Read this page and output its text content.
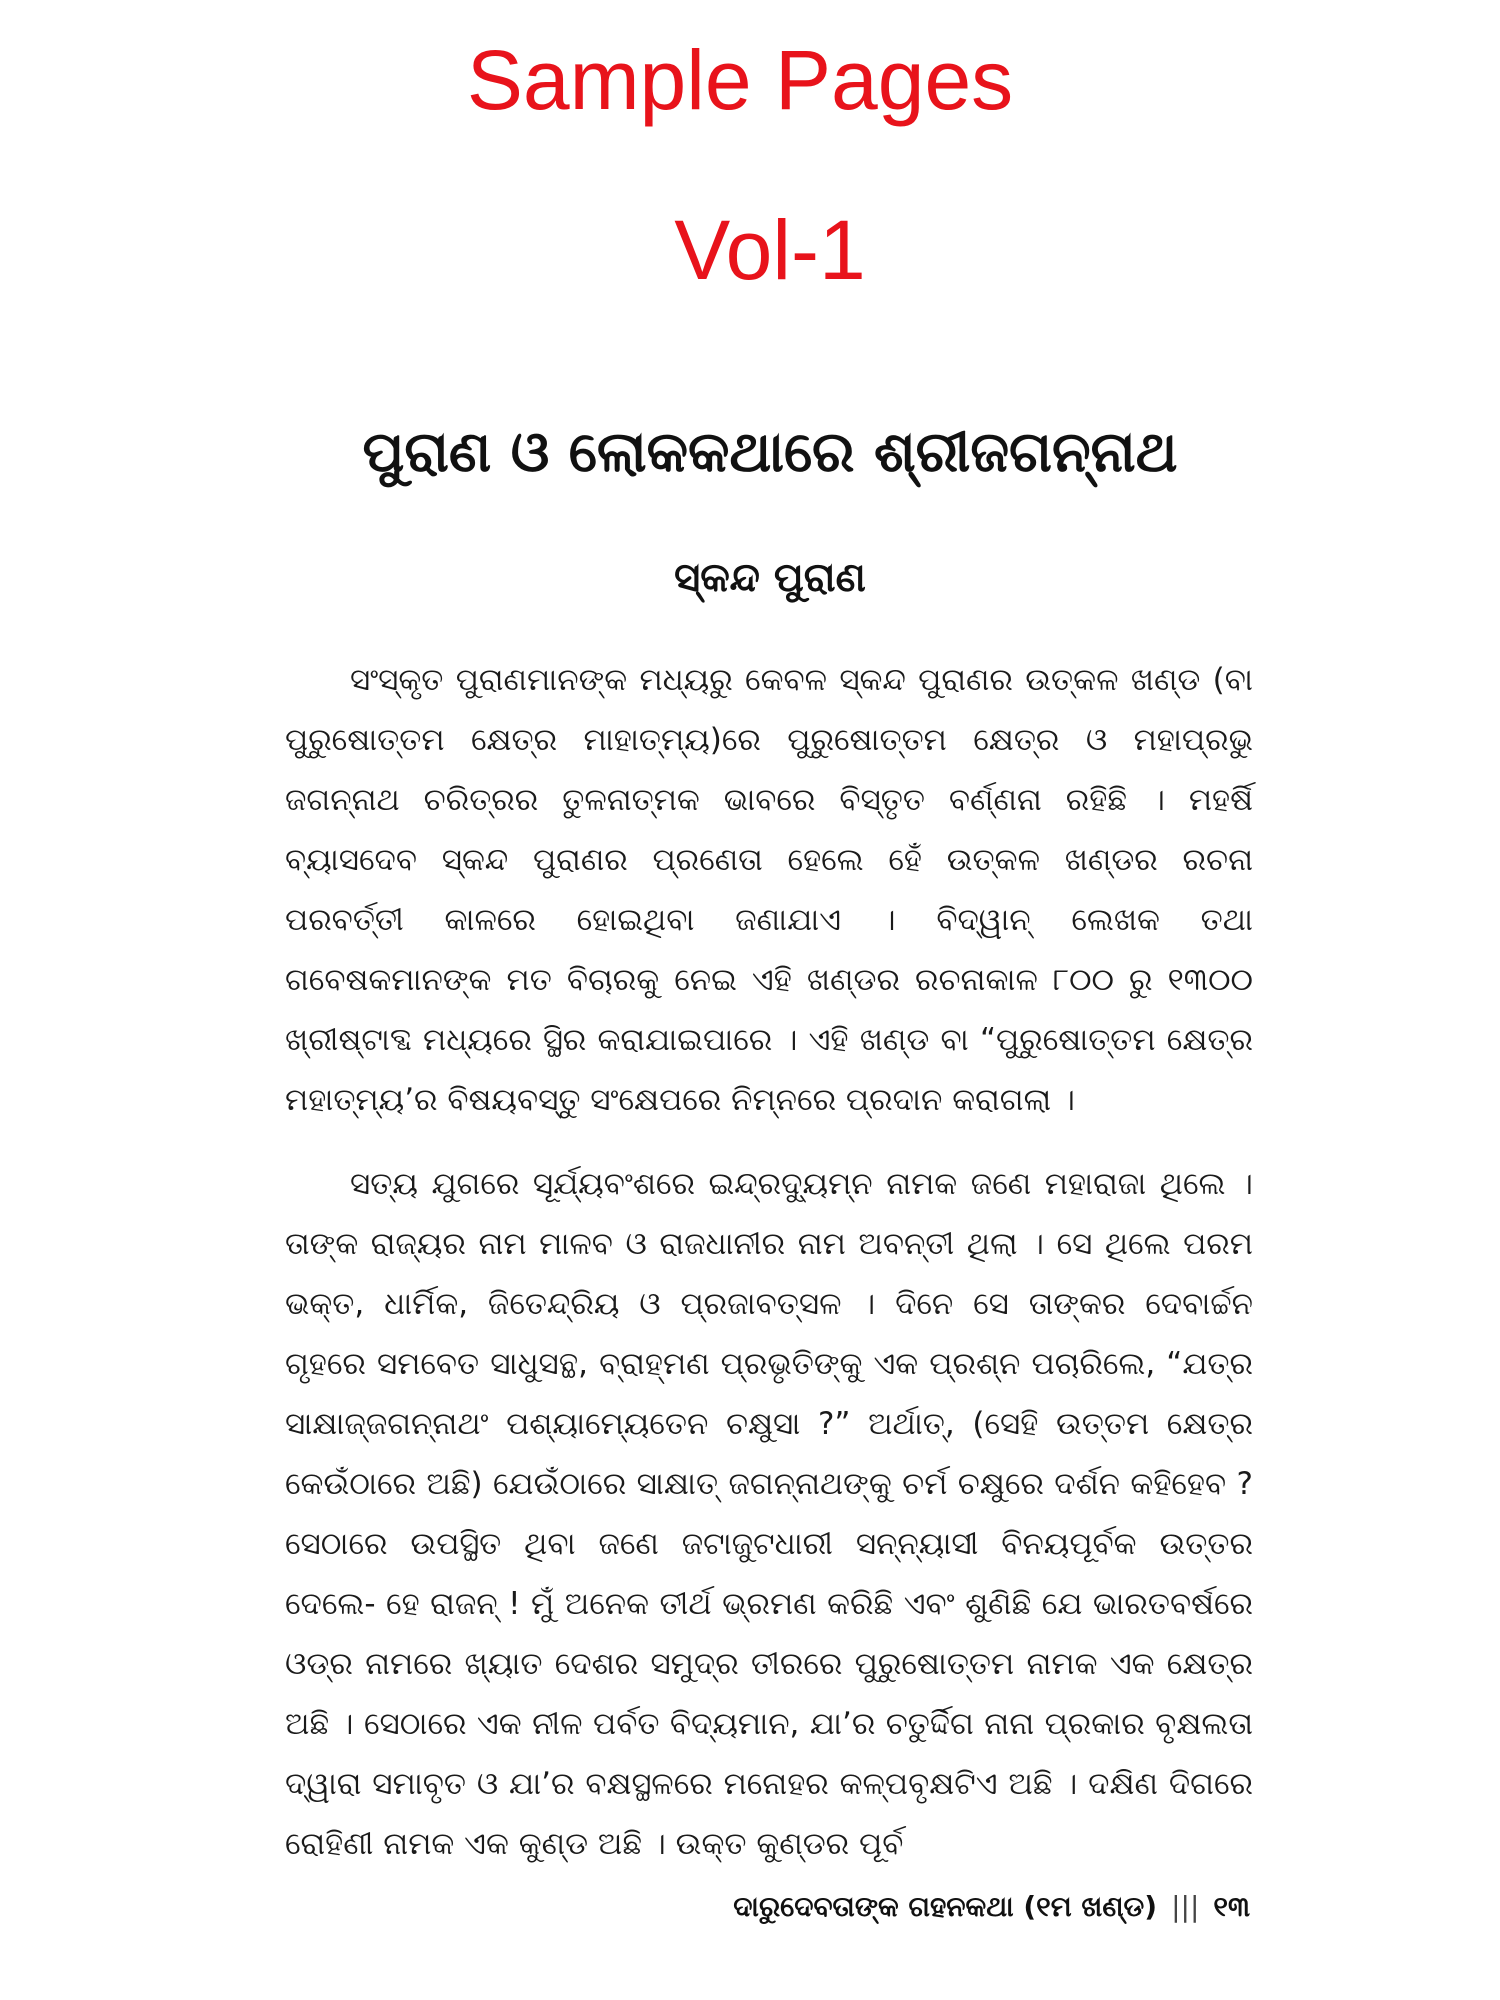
Sample Pages
Vol-1
ପୁରାଣ ଓ ଲୋକକଥାରେ ଶ୍ରୀଜଗନ୍ନାଥ
ସ୍କନ୍ଦ ପୁରାଣ

ସଂସ୍କୃତ ପୁରାଣମାନଙ୍କ ମଧ୍ୟରୁ କେବଳ ସ୍କନ୍ଦ ପୁରାଣର ଉତ୍କଳ ଖଣ୍ଡ (ବା ପୁରୁଷୋତ୍ତମ କ୍ଷେତ୍ର ମାହାତ୍ମ୍ୟ)ରେ ପୁରୁଷୋତ୍ତମ କ୍ଷେତ୍ର ଓ ମହାପ୍ରଭୁ ଜଗନ୍ନାଥ ଚରିତ୍ରର ତୁଳନାତ୍ମକ ଭାବରେ ବିସ୍ତୃତ ବର୍ଣ୍ଣନା ରହିଛି । ମହର୍ଷି ବ୍ୟାସଦେବ ସ୍କନ୍ଦ ପୁରାଣର ପ୍ରଣେତା ହେଲେ ହେଁ ଉତ୍କଳ ଖଣ୍ଡର ରଚନା ପରବର୍ତ୍ତୀ କାଳରେ ହୋଇଥିବା ଜଣାଯାଏ । ବିଦ୍ୱାନ୍ ଲେଖକ ତଥା ଗବେଷକମାନଙ୍କ ମତ ବିଚାରକୁ ନେଇ ଏହି ଖଣ୍ଡର ରଚନାକାଳ ୮୦୦ ରୁ ୧୩୦୦ ଖ୍ରୀଷ୍ଟାବ୍ଦ ମଧ୍ୟରେ ସ୍ଥିର କରାଯାଇପାରେ । ଏହି ଖଣ୍ଡ ବା “ପୁରୁଷୋତ୍ତମ କ୍ଷେତ୍ର ମହାତ୍ମ୍ୟ’ର ବିଷୟବସ୍ତୁ ସଂକ୍ଷେପରେ ନିମ୍ନରେ ପ୍ରଦାନ କରାଗଲା ।

ସତ୍ୟ ଯୁଗରେ ସୂର୍ଯ୍ୟବଂଶରେ ଇନ୍ଦ୍ରଦ୍ୟୁମ୍ନ ନାମକ ଜଣେ ମହାରାଜା ଥିଲେ । ତାଙ୍କ ରାଜ୍ୟର ନାମ ମାଳବ ଓ ରାଜଧାନୀର ନାମ ଅବନ୍ତୀ ଥିଲା । ସେ ଥିଲେ ପରମ ଭକ୍ତ, ଧାର୍ମିକ, ଜିତେନ୍ଦ୍ରିୟ ଓ ପ୍ରଜାବତ୍ସଳ । ଦିନେ ସେ ତାଙ୍କର ଦେବାର୍ଚ୍ଚନ ଗୃହରେ ସମବେତ ସାଧୁସନ୍ଥ, ବ୍ରାହ୍ମଣ ପ୍ରଭୃତିଙ୍କୁ ଏକ ପ୍ରଶ୍ନ ପଚାରିଲେ, “ଯତ୍ର ସାକ୍ଷାଜ୍ଜଗନ୍ନାଥଂ ପଶ୍ୟାମ୍ୟେତେନ ଚକ୍ଷୁସା ?” ଅର୍ଥାତ୍, (ସେହି ଉତ୍ତମ କ୍ଷେତ୍ର କେଉଁଠାରେ ଅଛି) ଯେଉଁଠାରେ ସାକ୍ଷାତ୍ ଜଗନ୍ନାଥଙ୍କୁ ଚର୍ମ ଚକ୍ଷୁରେ ଦର୍ଶନ କହିହେବ ? ସେଠାରେ ଉପସ୍ଥିତ ଥିବା ଜଣେ ଜଟାଜୁଟଧାରୀ ସନ୍ନ୍ୟାସୀ ବିନୟପୂର୍ବକ ଉତ୍ତର ଦେଲେ- ହେ ରାଜନ୍ ! ମୁଁ ଅନେକ ତୀର୍ଥ ଭ୍ରମଣ କରିଛି ଏବଂ ଶୁଣିଛି ଯେ ଭାରତବର୍ଷରେ ଓଡ୍ର ନାମରେ ଖ୍ୟାତ ଦେଶର ସମୁଦ୍ର ତୀରରେ ପୁରୁଷୋତ୍ତମ ନାମକ ଏକ କ୍ଷେତ୍ର ଅଛି । ସେଠାରେ ଏକ ନୀଳ ପର୍ବତ ବିଦ୍ୟମାନ, ଯା’ର ଚତୁର୍ଦ୍ଦିଗ ନାନା ପ୍ରକାର ବୃକ୍ଷଲତା ଦ୍ୱାରା ସମାବୃତ ଓ ଯା’ର ବକ୍ଷସ୍ଥଳରେ ମନୋହର କଳ୍ପବୃକ୍ଷଟିଏ ଅଛି । ଦକ୍ଷିଣ ଦିଗରେ ରୋହିଣୀ ନାମକ ଏକ କୁଣ୍ଡ ଅଛି । ଉକ୍ତ କୁଣ୍ଡର ପୂର୍ବ

ଦାରୁଦେବତାଙ୍କ ଗହନକଥା (୧ମ ଖଣ୍ଡ) ||| ୧୩
